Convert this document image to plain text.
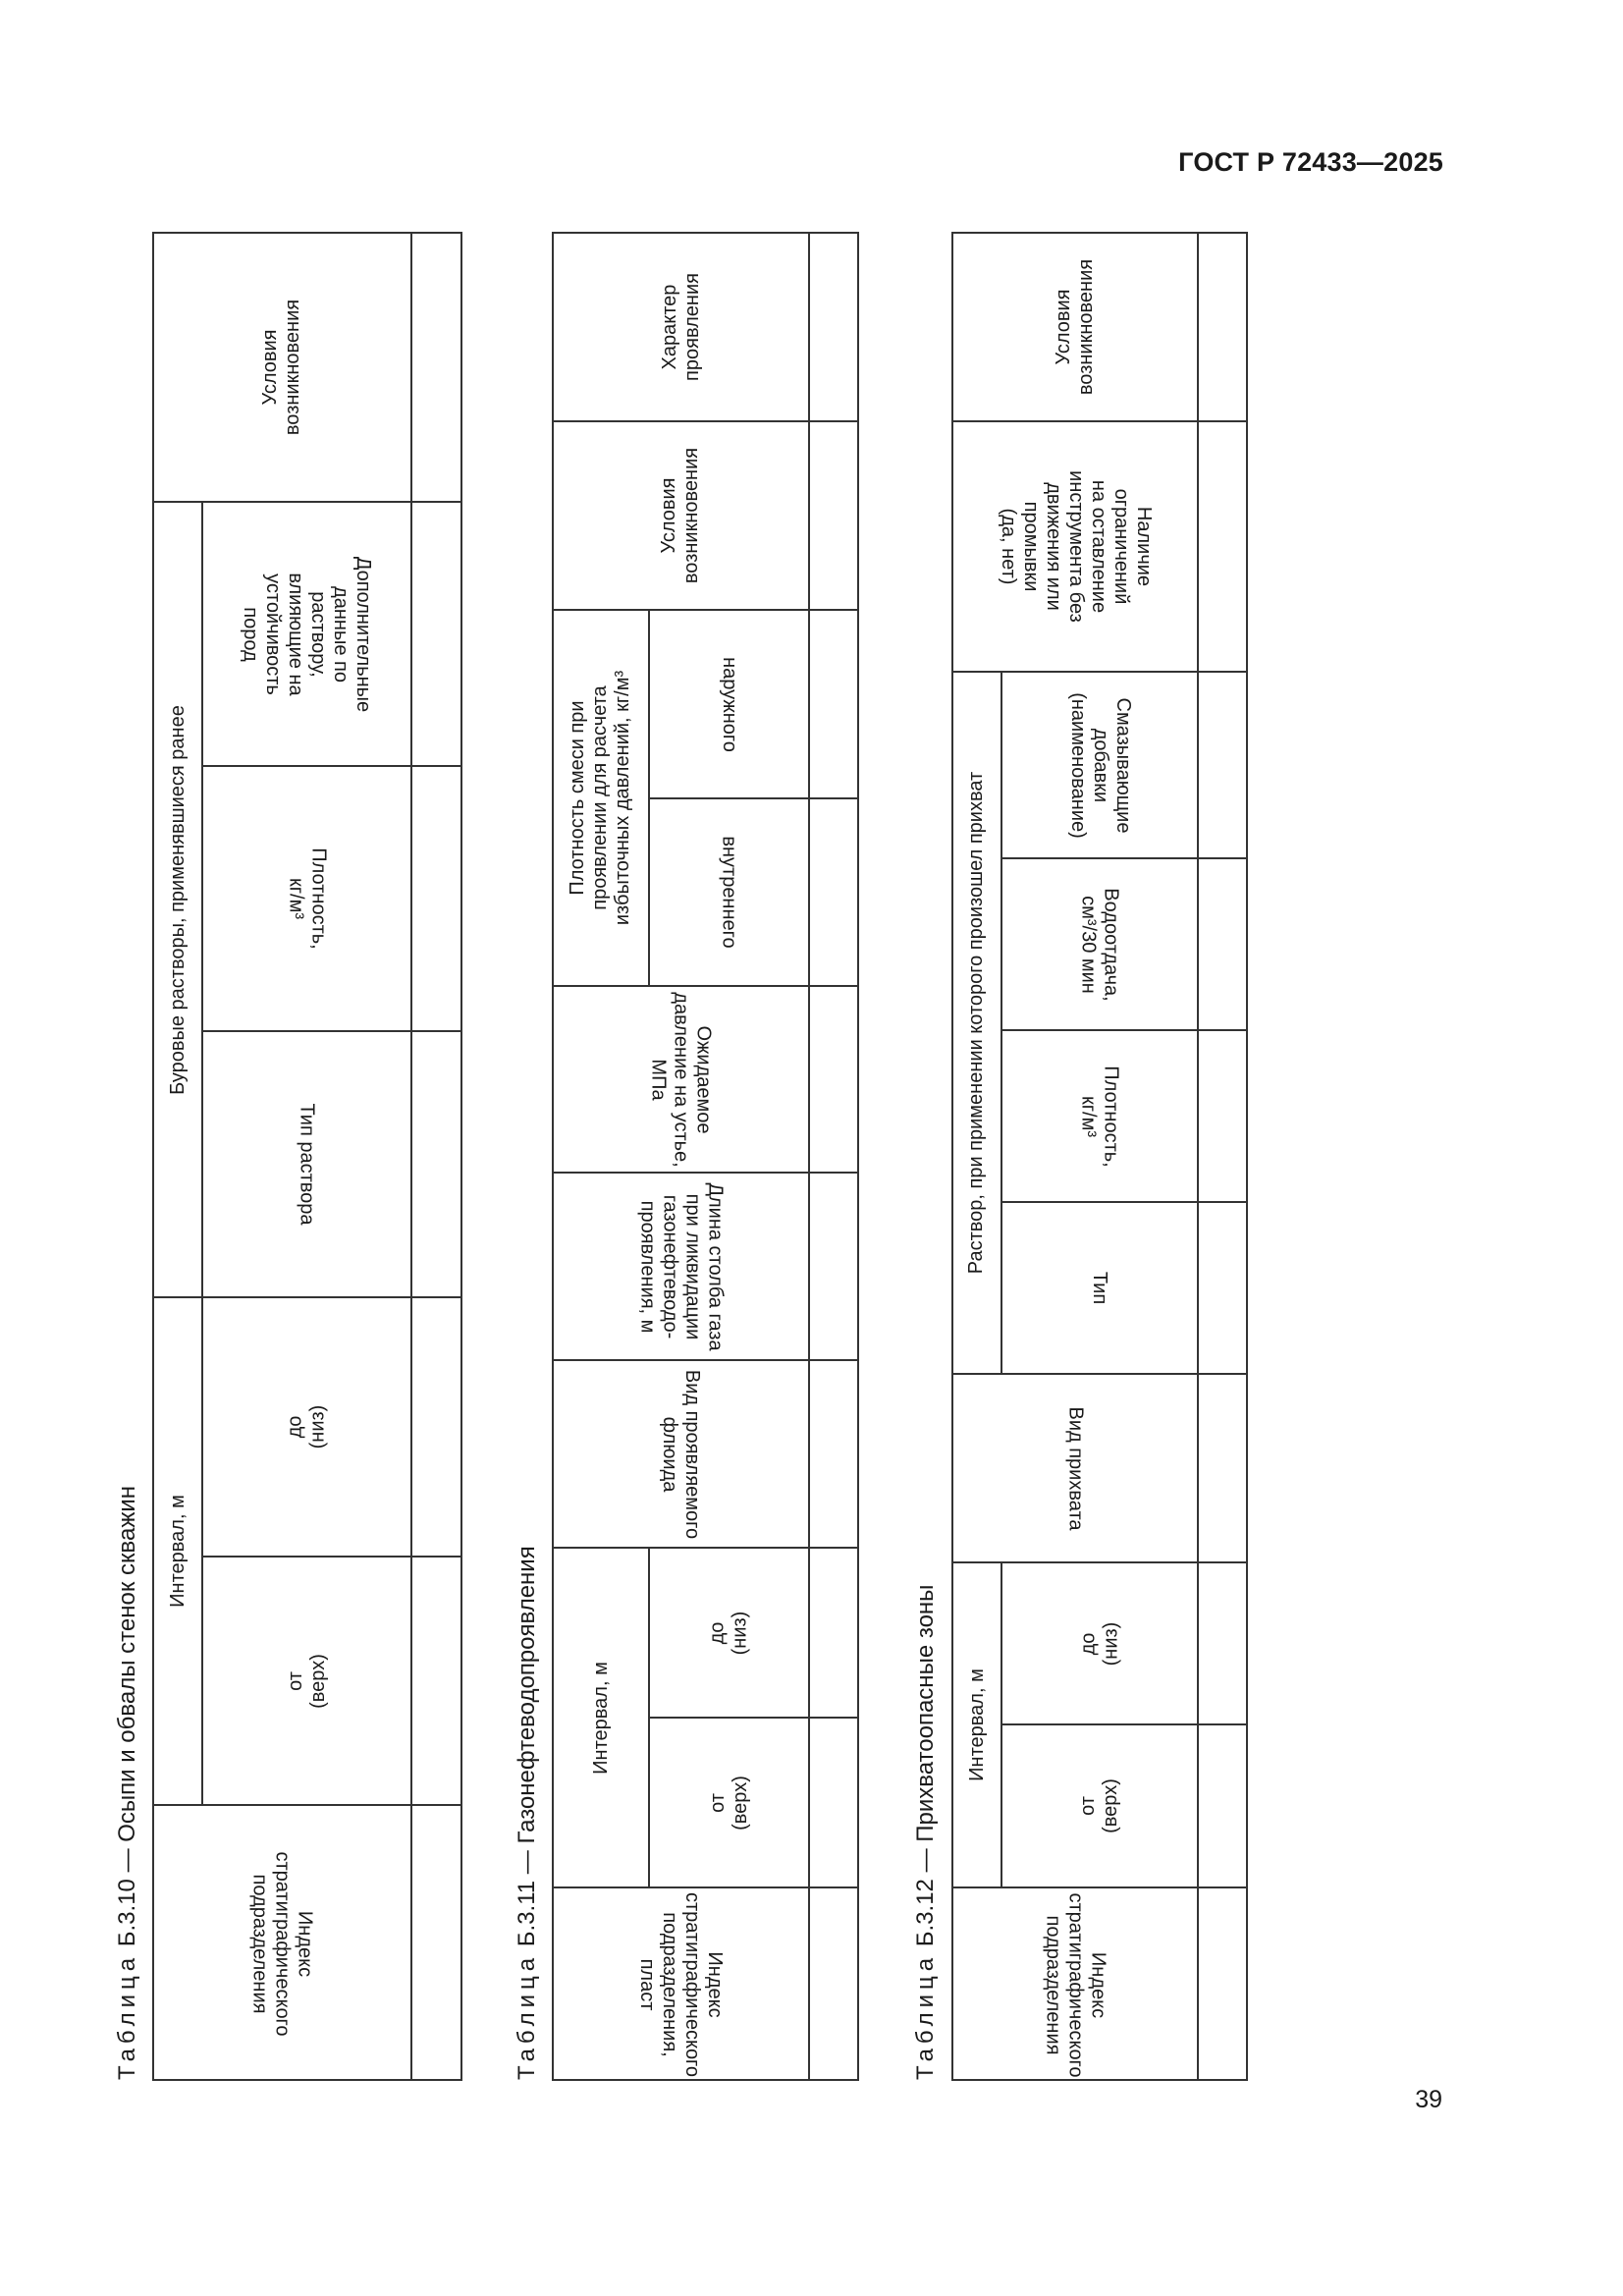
ГОСТ Р 72433—2025
Таблица Б.3.10 — Осыпи и обвалы стенок скважин	Индекс
стратиграфического
подразделения
Интервал, м
от
(верх)
до
(низ)
Буровые растворы, применявшиеся ранее
Тип раствора
Плотность,
кг/м³
Дополнительные
данные по
раствору,
влияющие на
устойчивость
пород
Условия
возникновения
Таблица Б.3.11 — Газонефтеводопроявления
Индекс
стратиграфического
подразделения,
пласт
Интервал, м
от
(верх)
до
(низ)
Вид проявляемого
флюида
Длина столба газа
при ликвидации
газонефтеводо-
проявления, м
Ожидаемое
давление на устье,
МПа
Плотность смеси при
проявлении для расчета
избыточных давлений, кг/м³
внутреннего
наружного
Условия
возникновения
Характер
проявления
Таблица Б.3.12 — Прихватоопасные зоны
Индекс
стратиграфического
подразделения
Интервал, м
от
(верх)
до
(низ)
Вид прихвата
Раствор, при применении которого произошел прихват
Тип
Плотность,
кг/м³
Водоотдача,
см³/30 мин
Смазывающие
добавки
(наименование)
Наличие
ограничений
на оставление
инструмента без
движения или
промывки
(да, нет)
Условия
возникновения
39
